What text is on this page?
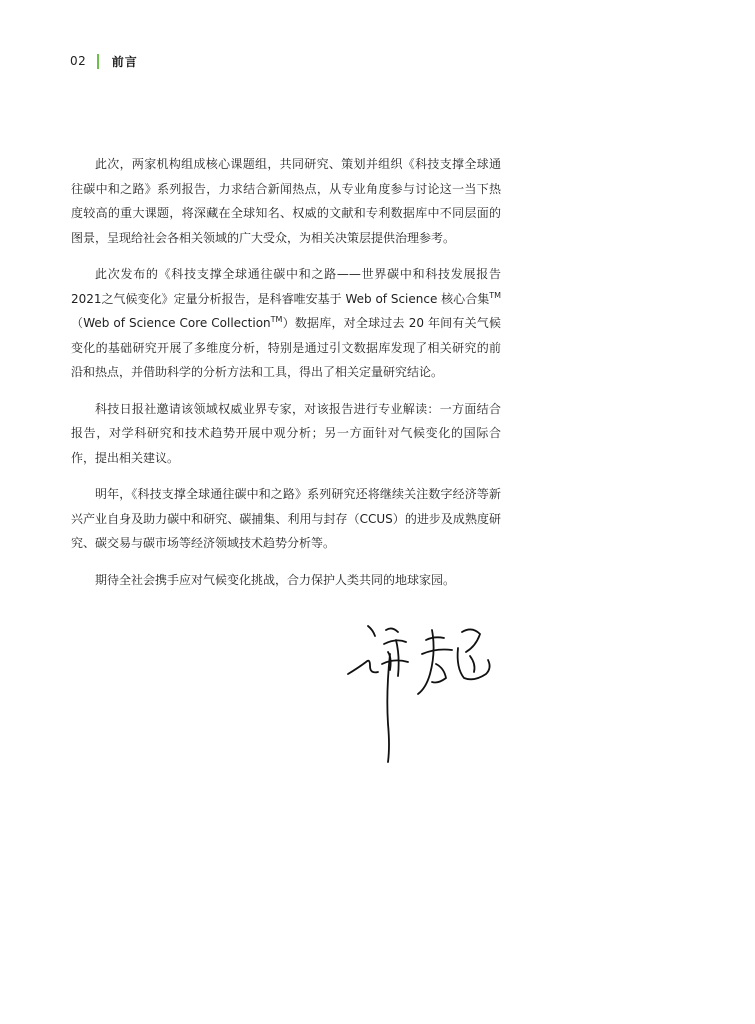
02 前言

此次，两家机构组成核心课题组，共同研究、策划并组织《科技支撑全球通往碳中和之路》系列报告，力求结合新闻热点，从专业角度参与讨论这一当下热度较高的重大课题，将深藏在全球知名、权威的文献和专利数据库中不同层面的图景，呈现给社会各相关领域的广大受众，为相关决策层提供治理参考。

此次发布的《科技支撑全球通往碳中和之路——世界碳中和科技发展报告2021之气候变化》定量分析报告，是科睿唯安基于 Web of Science 核心合集™（Web of Science Core Collection™）数据库，对全球过去 20 年间有关气候变化的基础研究开展了多维度分析，特别是通过引文数据库发现了相关研究的前沿和热点，并借助科学的分析方法和工具，得出了相关定量研究结论。

科技日报社邀请该领域权威业界专家，对该报告进行专业解读：一方面结合报告，对学科研究和技术趋势开展中观分析；另一方面针对气候变化的国际合作，提出相关建议。

明年，《科技支撑全球通往碳中和之路》系列研究还将继续关注数字经济等新兴产业自身及助力碳中和研究、碳捕集、利用与封存（CCUS）的进步及成熟度研究、碳交易与碳市场等经济领域技术趋势分析等。

期待全社会携手应对气候变化挑战，合力保护人类共同的地球家园。
